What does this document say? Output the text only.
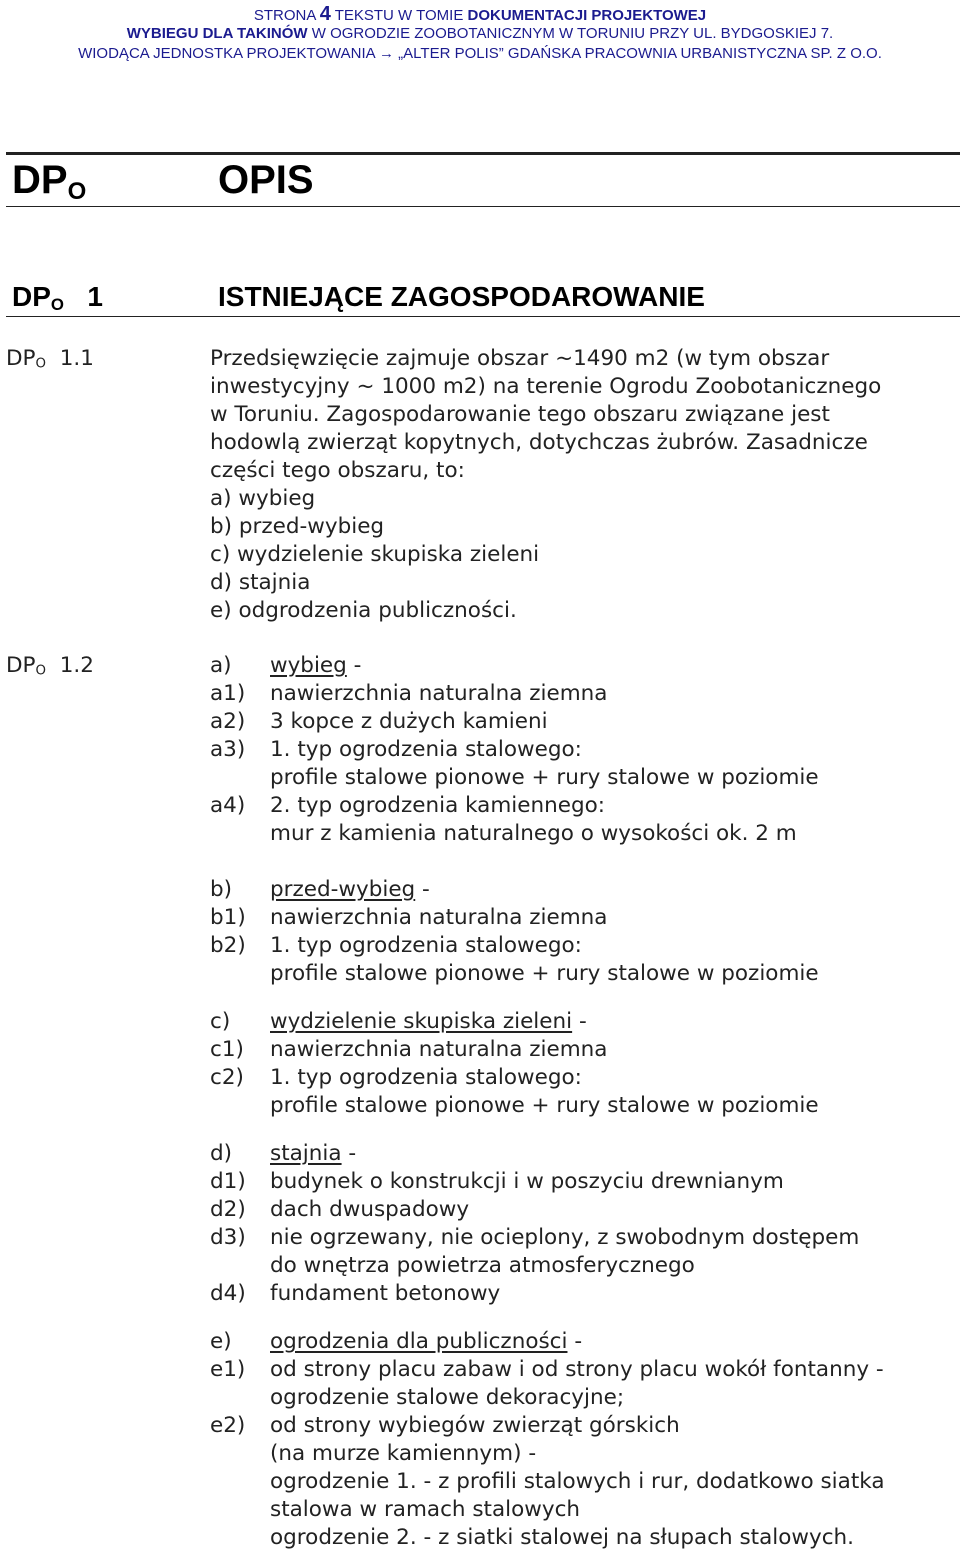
STRONA 4 TEKSTU W TOMIE DOKUMENTACJI PROJEKTOWEJ
WYBIEGU DLA TAKINÓW W OGRODZIE ZOOBOTANICZNYM W TORUNIU PRZY UL. BYDGOSKIEJ 7.
WIODĄCA JEDNOSTKA PROJEKTOWANIA → „ALTER POLIS” GDAŃSKA PRACOWNIA URBANISTYCZNA SP. Z O.O.
$DP_O$	OPIS
$DP_O$ 1	ISTNIEJĄCE ZAGOSPODAROWANIE
$DP_O$ 1.1	Przedsięwzięcie zajmuje obszar ~1490 m2 (w tym obszar
inwestycyjny ~ 1000 m2) na terenie Ogrodu Zoobotanicznego
w Toruniu. Zagospodarowanie tego obszaru związane jest
hodowlą zwierząt kopytnych, dotychczas żubrów. Zasadnicze
części tego obszaru, to:
a) wybieg
b) przed-wybieg
c) wydzielenie skupiska zieleni
d) stajnia
e) odgrodzenia publiczności.
$DP_O$ 1.2	a) wybieg -
a1) nawierzchnia naturalna ziemna
a2) 3 kopce z dużych kamieni
a3) 1. typ ogrodzenia stalowego:
profile stalowe pionowe + rury stalowe w poziomie
a4) 2. typ ogrodzenia kamiennego:
mur z kamienia naturalnego o wysokości ok. 2 m
b) przed-wybieg -
b1) nawierzchnia naturalna ziemna
b2) 1. typ ogrodzenia stalowego:
profile stalowe pionowe + rury stalowe w poziomie
c) wydzielenie skupiska zieleni -
c1) nawierzchnia naturalna ziemna
c2) 1. typ ogrodzenia stalowego:
profile stalowe pionowe + rury stalowe w poziomie
d) stajnia -
d1) budynek o konstrukcji i w poszyciu drewnianym
d2) dach dwuspadowy
d3) nie ogrzewany, nie ocieplony, z swobodnym dostępem
do wnętrza powietrza atmosferycznego
d4) fundament betonowy
e) ogrodzenia dla publiczności -
e1) od strony placu zabaw i od strony placu wokół fontanny -
ogrodzenie stalowe dekoracyjne;
e2) od strony wybiegów zwierząt górskich
(na murze kamiennym) -
ogrodzenie 1. - z profili stalowych i rur, dodatkowo siatka
stalowa w ramach stalowych
ogrodzenie 2. - z siatki stalowej na słupach stalowych.
